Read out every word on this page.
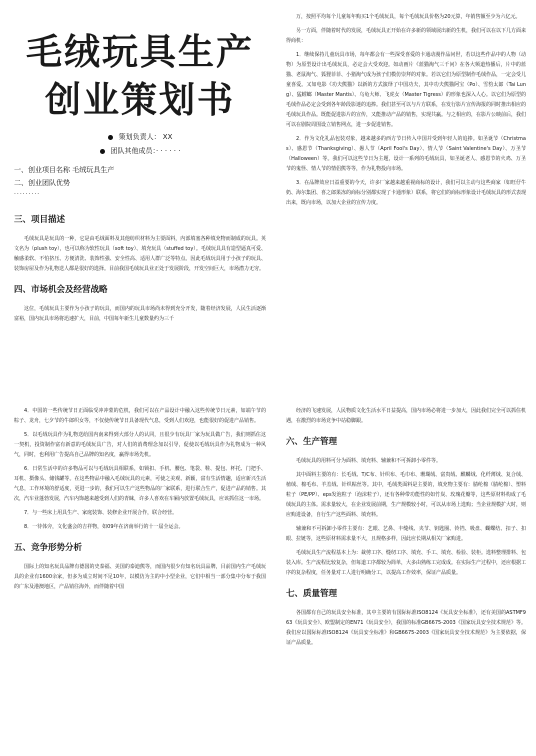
毛绒玩具生产
创业策划书
策划负责人： XX
团队其他成员：· · · · · ·
一、创业项目名称 毛绒玩具生产
二、创业团队优势
·········
三、项目描述

毛绒玩具是玩具的一种，它是由毛绒面料及其他纺织材料为主要面料，内部填塞各种填充物而制成的玩具。英文名为（plush toy），也可以称为软性玩具（soft toy）、填充玩具（stuffed toy）。毛绒玩具具有造型逼真可爱、触感柔软、不怕挤压、方便清洗、装饰性强、安全性高、适用人群广泛等特点。因此毛绒玩具用于小孩子的玩具、装饰房屋及作为礼物送人都是很好的选择。目前我国毛绒玩具业正处于发展阶段，开发空间巨大，市场潜力无穷。

四、市场机会及经营战略

这位，毛绒玩具主要作为小孩子的玩具，而国内的玩具市场尚未得到充分开发，随着经济发展，人民生活逐渐富裕，国内玩具市场将迅速扩大，目前，中国每年新生儿童数量约为三千

万，按照平均每个儿童每年购买1个毛绒玩具，每个毛绒玩具价格为20元算，年销售额至少为六亿元。

另一方面，伴随着时代的发展，毛绒玩具正开始在许多新的领域展出新的生机，我们可以在以下几方面来得商机：

1．继续保持儿童玩具市场，每年都会有一些深受喜爱的卡通动漫作品问世，若以这些作品中的人物（动物）为原型设计出毛绒玩具，必定会大受欢迎。如动画片《蓝猫淘气三千问》在各大频道热播后，片中的蓝猫、老鼠淘气、狐狸菲菲、小猪淘气成为孩子们模仿崇拜的对象。若以它们为原型制作毛绒作品，一定会受儿童喜爱。又如电影《功夫熊猫》以新的方式演绎了中国功夫，其中功夫熊猫阿宝（Po）、雪豹太郎（Tai Lung）、猛螳螂（Master Mantis）、乌龟大师、飞虎女（Master Tigress）的形象也深入人心。以它们为原型的毛绒作品必定会受到各年龄段影迷的追捧。我们甚至可以与片方联系，在发行影片宣传海报的同时推出相应的毛绒玩具作品。既能促进影片的宣传，又能推动产品的销售，实现共赢。与之相应的，在影片公映前后，我们可以在剧院周围设立销售网点，进一步促进销售。

2．作为文化礼品包装对象，越来越多的西方节日传入中国并受到年轻人的追捧。如圣诞节（Christmas）、感恩节（Thanksgiving）、愚人节（April Fool's Day）、情人节（Saint Valentine's Day）、万圣节（Halloween）等。我们可以这些节日为主题，设计一系列的毛绒玩具，如圣诞老人、感恩节的火鸡、万圣节的鬼怪、情人节的情侣熊等等，作为礼物投向市场。

3．在品牌效应日益重要的今天，许多厂家越来越重视商标的设计，我们可以主动与这些商家（如旺仔牛奶、海尔集团、喜之郎果冻的商标分别都实现了卡通形象）联系，将它们的商标形象设计毛绒玩具的形式表现出来，既向市场，以加大企业的宣传力度。

4．中国的一些传统节日正面临受冲冲蒙的危机，我们可以在产品设计中融入这些传统节日元素，如端午节的粽子、龙舟，七夕节的牛郎织女等，不仅使传统节日具备现代气息，受到人们欢迎，也能很好的促进产品销售。

5．以毛绒玩具作为礼物送给国内南来得到大部分人的认同，且很少有玩具厂家为玩具做广告，我们则抓住这一契机，投资制作富有新意的毛绒玩具广告，对人们的消费理念加以引导，促使以毛绒玩具作为礼物成为一种风气，同时，也利用广告提高自己品牌的知名度，赢得市场先机。

6．日常生活中的许多物品可以与毛绒玩具相联系，如锁扣、手机、腰包、笔袋、鞋、提包、杯托、门把手、耳机、摄像头、储钱罐等。在这些物品中融入毛绒玩具的元素，可使之美观、新颖，富有生活情趣，适应新兴生活气息，工作环境的舒适度，更进一步的，我们可以生产这些物品的厂家联系，进行联合生产，促进产品的销售。其次，汽车业蓬勃发展，汽车内饰越来越受到人们的青睐，许多人喜欢在车厢内放置毛绒玩具，应该抓住这一市场。

7．与一些床上用具生产、家庭装饰、装修企业开展合作，联合经营。

8．一待体旁，文化盛会的吉祥物，如09年在济南举行的十一届全运会。

五、竞争形势分析

国际上的知名玩具品牌有德国的史泰福、美国的泰迪熊等，而国内很少有知名玩具品牌，目前国内生产毛绒玩具的企业有1600余家，但多为成立时间不足10年，以模仿为主的中小型企业，它们中相当一部分集中分布于我国的广东及港澳地区，产品销往海外，而伴随着中国

经济的飞速发展，人民物质文化生活水平日益提高，国内市场必将进一步加大，因此我们完全可以抓住机遇，在激烈的市场竞争中站稳脚跟。

六、生产管理

毛绒玩具的用料可分为面料、填充料、辅兼和不可拆卸小零件等。

其中面料主要的有：长毛绒、T/C布、针织布、毛巾布、珊瑚绒、富贵绒、麒麟绒、化纤薄绒、复合绒、植绒、棉毛布、羊羔绒、针织粘丝等。其中，毛绒类面料是主要的，填充物主要有：腈纶棉（腈纶棉）、塑料粒子（PE/PP）、eps发泡粒子（泡沫粒子），还有各种带功能性的如竹炭、玫瑰花瓣等，这些原材料构成了毛绒玩具的主体。需求量较大，在企业发展前期，生产规模较小时，可以从市场上选购；当企业规模扩大时，则应购进设备，自行生产这些面料、填充料。

辅兼和不可拆卸小零件主要有：艺眼、艺鼻、丰缝线、夹节、钥匙圈、铃铛、吸盘、蝴蝶结、扣子、扣眼、拉链等，这些原材料需求量不大，且规格多样，因此应长期从相关厂家购进。

毛绒玩具生产流程基本上为：裁剪工序、缝纫工序、填充、手工、填充、检验、装柜。选料整理排料、包装入库。生产流程比较复杂，但每道工序都较为简单，大多由熟练工完成成。在实际生产过程中，还应根据工序的复杂程度，任务量对工人进行明确分工，以提高工作效率，保证产品质量。

七、质量管理

各国都有自己的玩具安全标准，其中主要的有国际标准ISO8124《玩具安全标准》，还有美国的ASTMF963《玩具安全》、欧盟制定的EN71《玩具安全》，我国的标准GB6675-2003《国家玩具安全技术规范》等。我们应以国际标准ISO8124《玩具安全标准》和GB6675-2003《国家玩具安全技术规范》为主要依据，保证产品质量。
